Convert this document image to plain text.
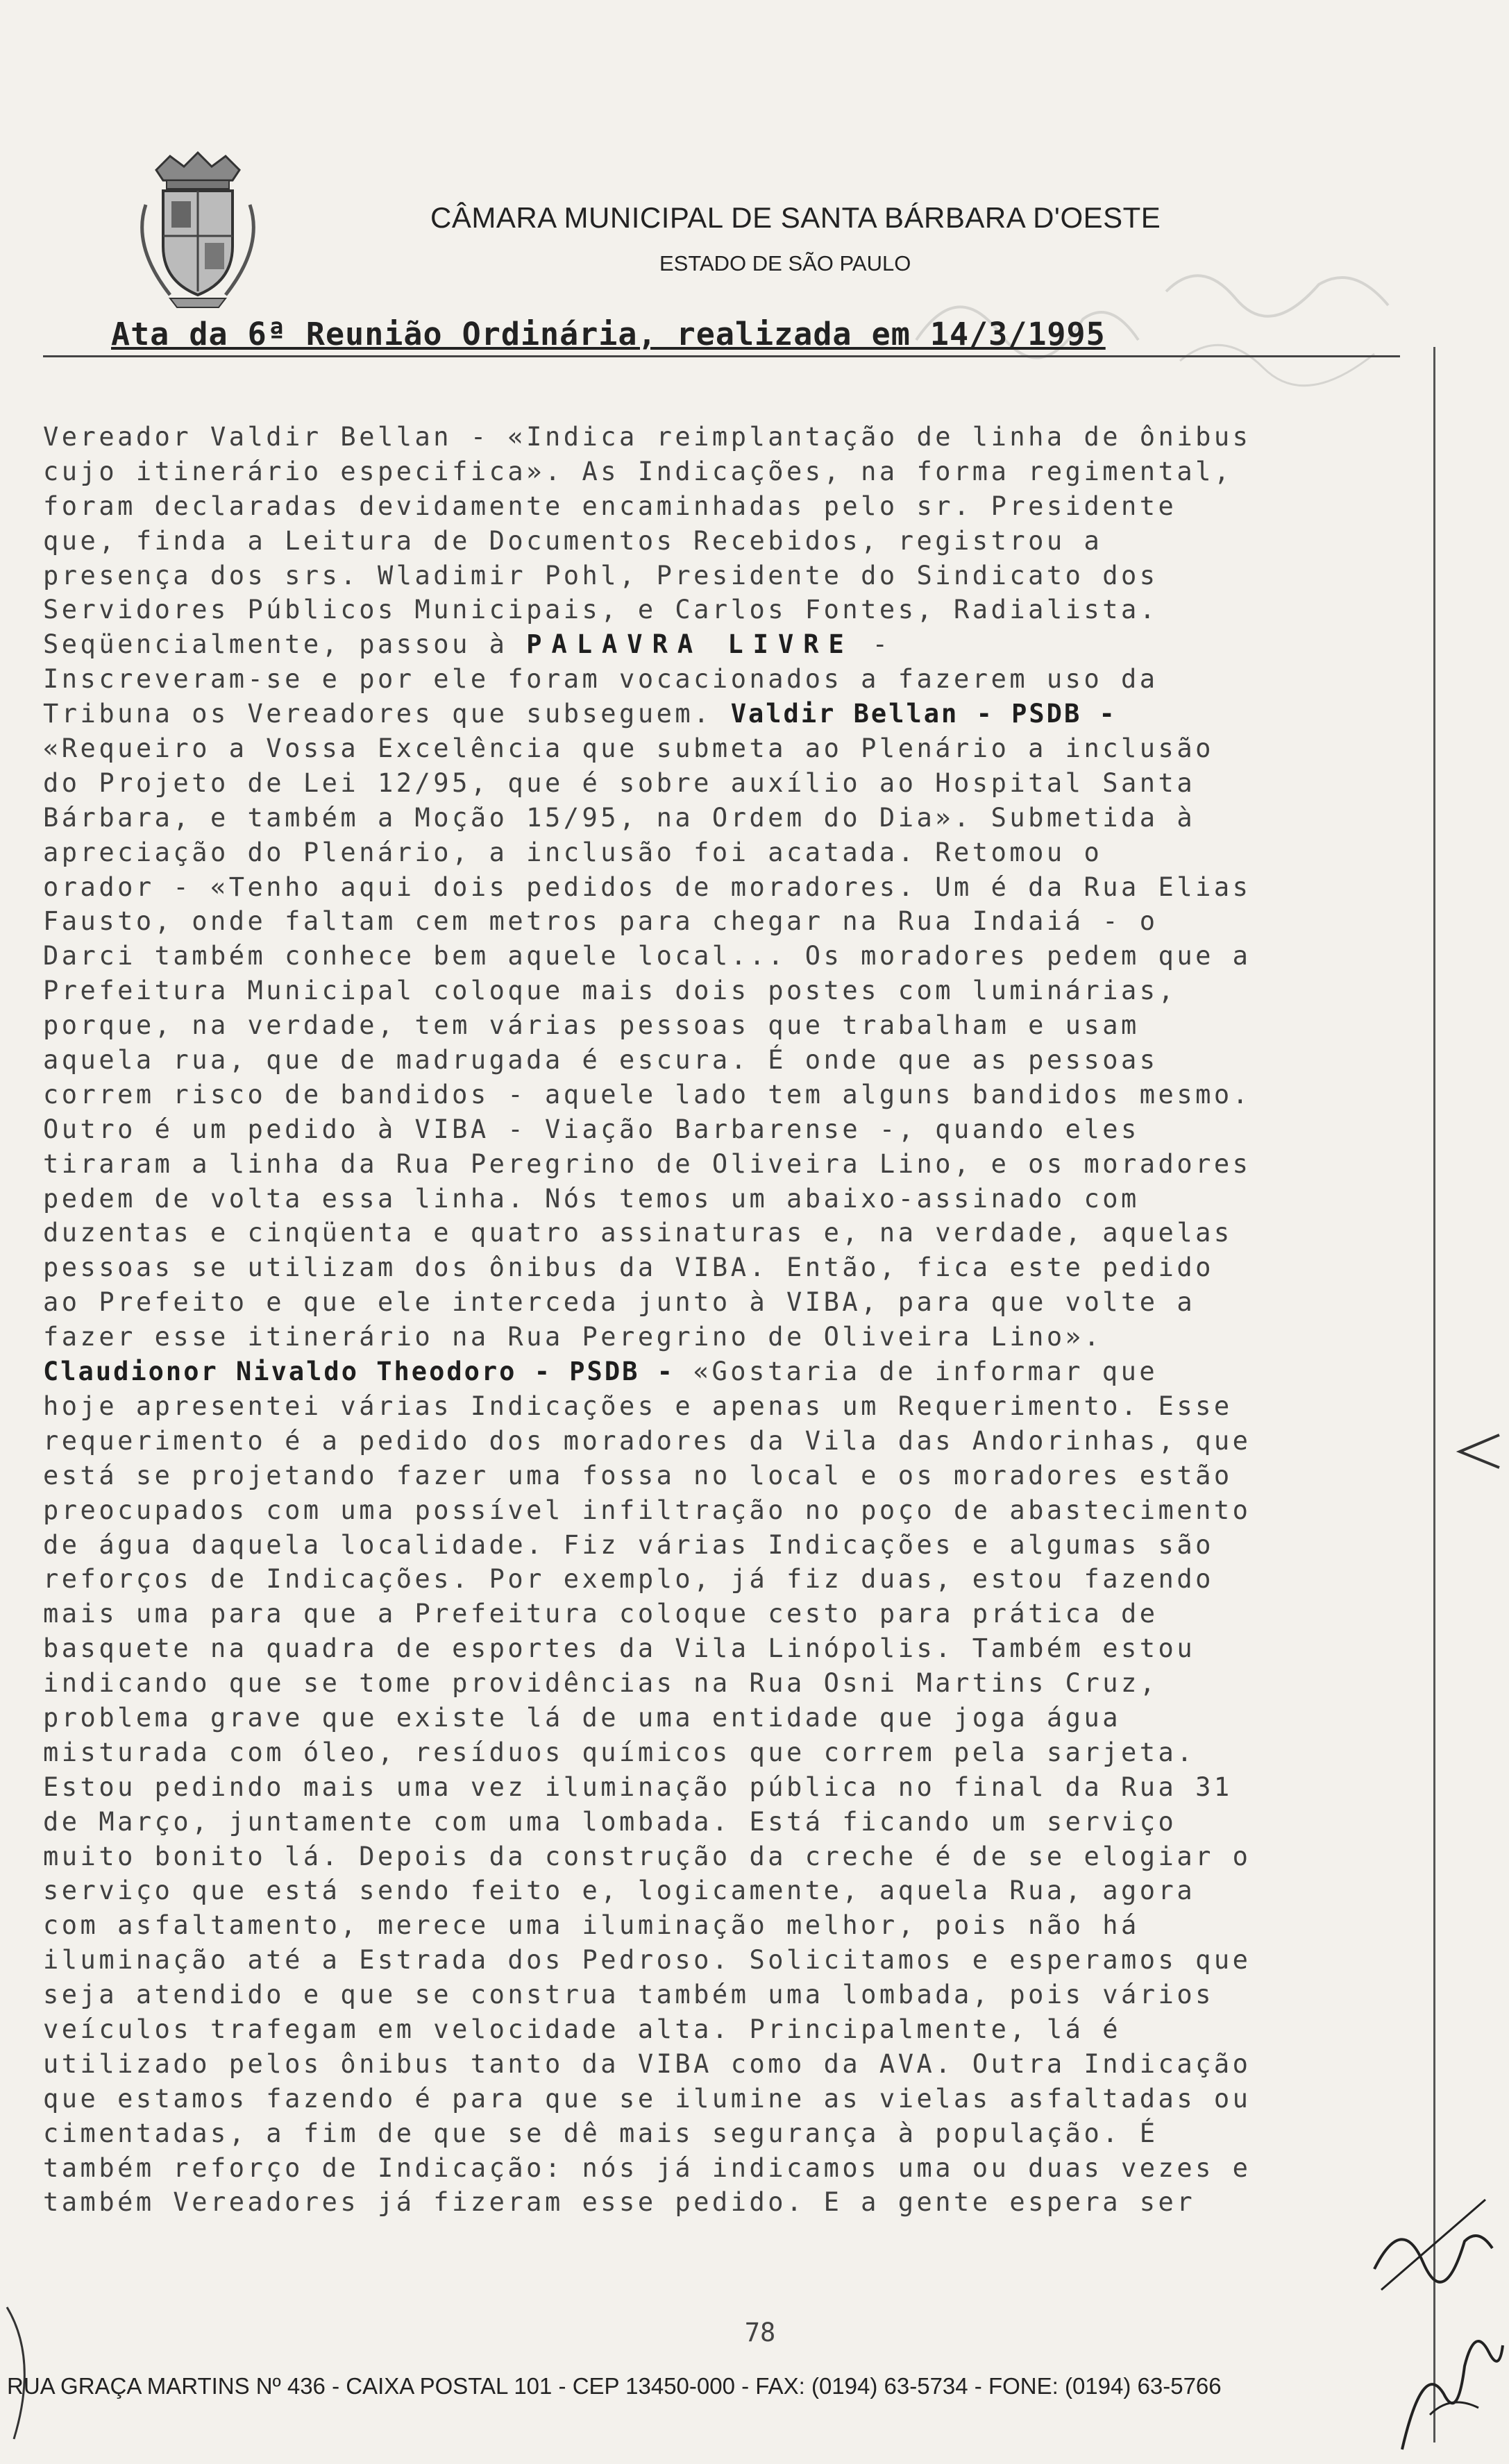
CÂMARA MUNICIPAL DE SANTA BÁRBARA D'OESTE
ESTADO DE SÃO PAULO
Ata da 6ª Reunião Ordinária, realizada em 14/3/1995
Vereador Valdir Bellan - «Indica reimplantação de linha de ônibus
cujo itinerário especifica». As Indicações, na forma regimental,
foram declaradas devidamente encaminhadas pelo sr. Presidente
que, finda a Leitura de Documentos Recebidos, registrou a
presença dos srs. Wladimir Pohl, Presidente do Sindicato dos
Servidores Públicos Municipais, e Carlos Fontes, Radialista.
Seqüencialmente, passou à PALAVRA LIVRE -
Inscreveram-se e por ele foram vocacionados a fazerem uso da
Tribuna os Vereadores que subseguem. Valdir Bellan - PSDB -
«Requeiro a Vossa Excelência que submeta ao Plenário a inclusão
do Projeto de Lei 12/95, que é sobre auxílio ao Hospital Santa
Bárbara, e também a Moção 15/95, na Ordem do Dia». Submetida à
apreciação do Plenário, a inclusão foi acatada. Retomou o
orador - «Tenho aqui dois pedidos de moradores. Um é da Rua Elias
Fausto, onde faltam cem metros para chegar na Rua Indaiá - o
Darci também conhece bem aquele local... Os moradores pedem que a
Prefeitura Municipal coloque mais dois postes com luminárias,
porque, na verdade, tem várias pessoas que trabalham e usam
aquela rua, que de madrugada é escura. É onde que as pessoas
correm risco de bandidos - aquele lado tem alguns bandidos mesmo.
Outro é um pedido à VIBA - Viação Barbarense -, quando eles
tiraram a linha da Rua Peregrino de Oliveira Lino, e os moradores
pedem de volta essa linha. Nós temos um abaixo-assinado com
duzentas e cinqüenta e quatro assinaturas e, na verdade, aquelas
pessoas se utilizam dos ônibus da VIBA. Então, fica este pedido
ao Prefeito e que ele interceda junto à VIBA, para que volte a
fazer esse itinerário na Rua Peregrino de Oliveira Lino».
Claudionor Nivaldo Theodoro - PSDB - «Gostaria de informar que
hoje apresentei várias Indicações e apenas um Requerimento. Esse
requerimento é a pedido dos moradores da Vila das Andorinhas, que
está se projetando fazer uma fossa no local e os moradores estão
preocupados com uma possível infiltração no poço de abastecimento
de água daquela localidade. Fiz várias Indicações e algumas são
reforços de Indicações. Por exemplo, já fiz duas, estou fazendo
mais uma para que a Prefeitura coloque cesto para prática de
basquete na quadra de esportes da Vila Linópolis. Também estou
indicando que se tome providências na Rua Osni Martins Cruz,
problema grave que existe lá de uma entidade que joga água
misturada com óleo, resíduos químicos que correm pela sarjeta.
Estou pedindo mais uma vez iluminação pública no final da Rua 31
de Março, juntamente com uma lombada. Está ficando um serviço
muito bonito lá. Depois da construção da creche é de se elogiar o
serviço que está sendo feito e, logicamente, aquela Rua, agora
com asfaltamento, merece uma iluminação melhor, pois não há
iluminação até a Estrada dos Pedroso. Solicitamos e esperamos que
seja atendido e que se construa também uma lombada, pois vários
veículos trafegam em velocidade alta. Principalmente, lá é
utilizado pelos ônibus tanto da VIBA como da AVA. Outra Indicação
que estamos fazendo é para que se ilumine as vielas asfaltadas ou
cimentadas, a fim de que se dê mais segurança à população. É
também reforço de Indicação: nós já indicamos uma ou duas vezes e
também Vereadores já fizeram esse pedido. E a gente espera ser
78
RUA GRAÇA MARTINS Nº 436 - CAIXA POSTAL 101 - CEP 13450-000 - FAX: (0194) 63-5734 - FONE: (0194) 63-5766
